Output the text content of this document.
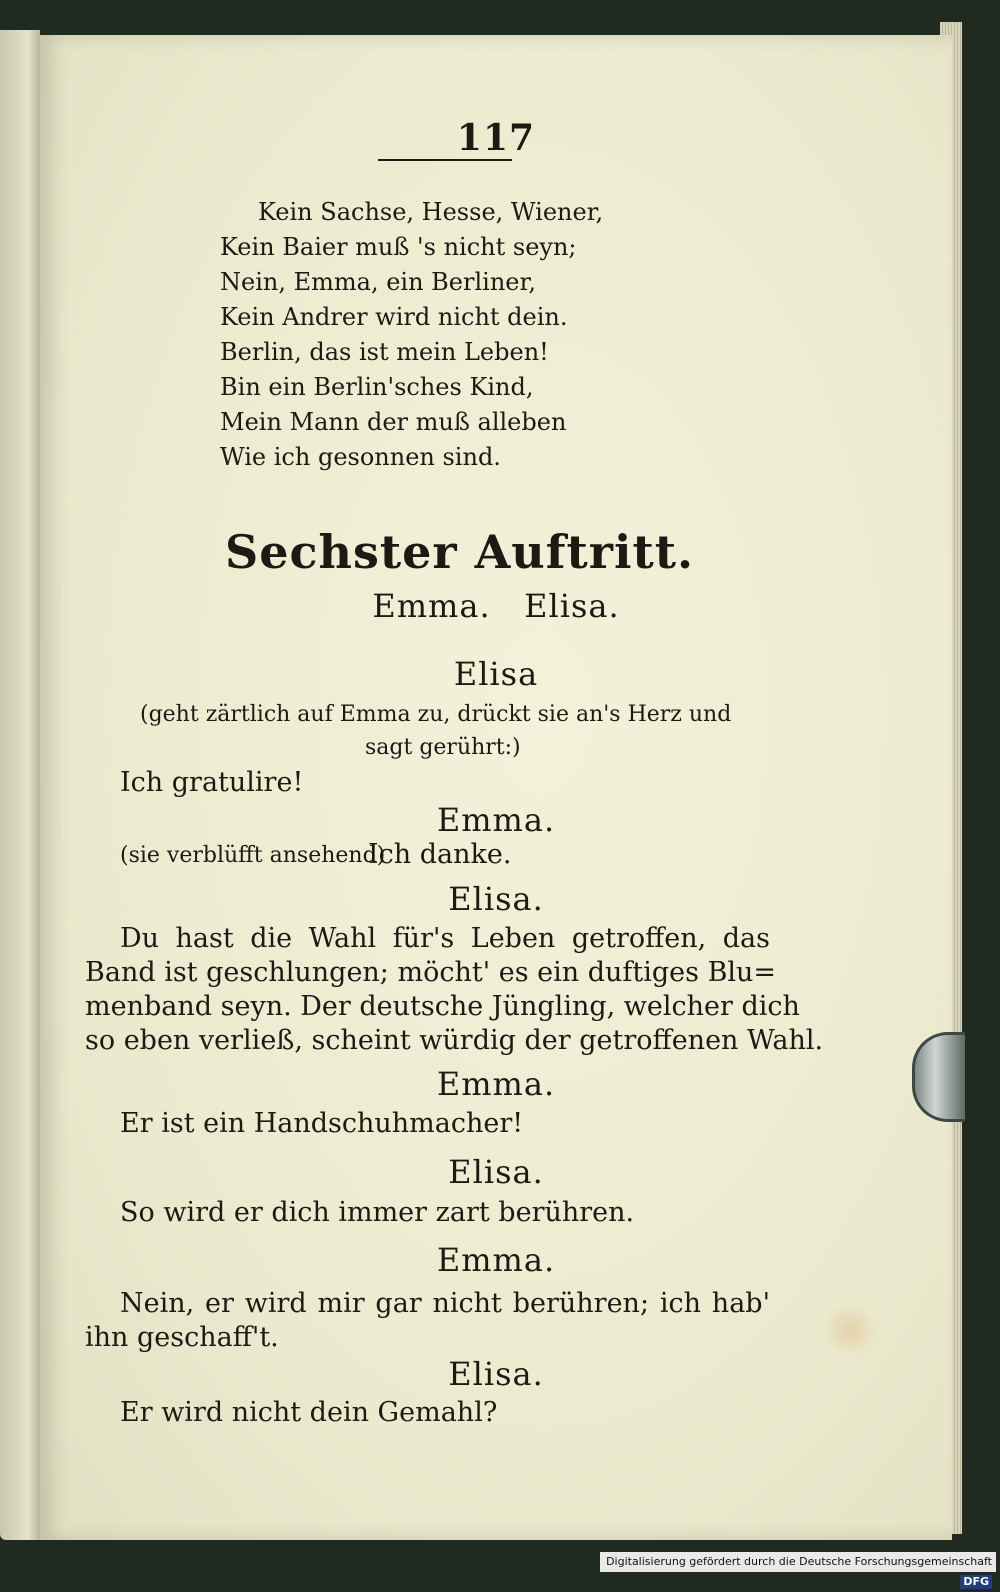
117
Kein Sachse, Hesse, Wiener,
Kein Baier muß 's nicht seyn;
Nein, Emma, ein Berliner,
Kein Andrer wird nicht dein.
Berlin, das ist mein Leben!
Bin ein Berlin'sches Kind,
Mein Mann der muß alleben
Wie ich gesonnen sind.
Sechster Auftritt.
Emma.   Elisa.
Elisa
(geht zärtlich auf Emma zu, drückt sie an's Herz und
sagt gerührt:)
Ich gratulire!
Emma.
(sie verblüfft ansehend)
Ich danke.
Elisa.
Du hast die Wahl für's Leben getroffen, das
Band ist geschlungen; möcht' es ein duftiges Blu=
menband seyn. Der deutsche Jüngling, welcher dich
so eben verließ, scheint würdig der getroffenen Wahl.
Emma.
Er ist ein Handschuhmacher!
Elisa.
So wird er dich immer zart berühren.
Emma.
Nein, er wird mir gar nicht berühren; ich hab'
ihn geschaff't.
Elisa.
Er wird nicht dein Gemahl?
Digitalisierung gefördert durch die Deutsche Forschungsgemeinschaft - DFG
